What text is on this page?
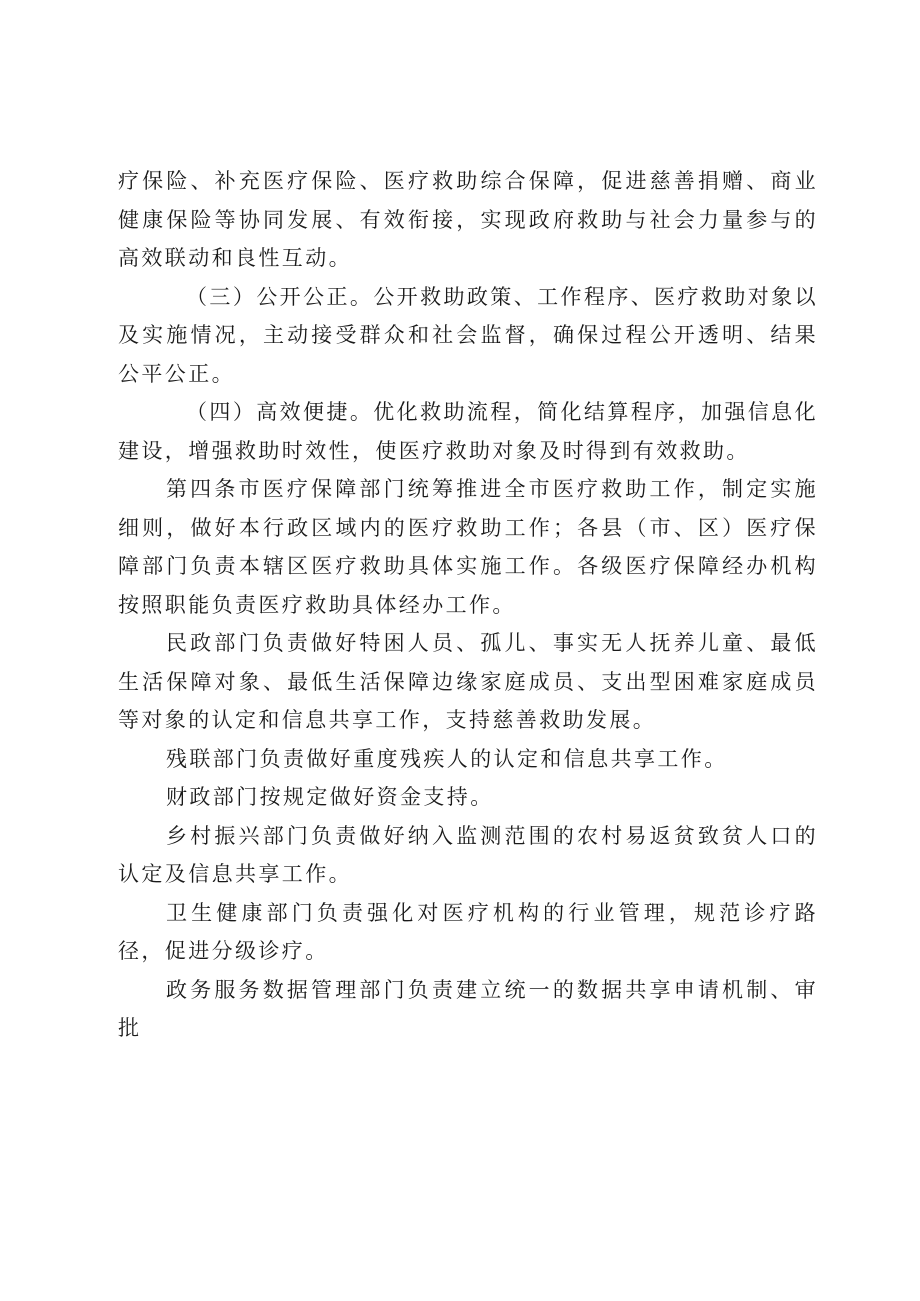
疗保险、补充医疗保险、医疗救助综合保障，促进慈善捐赠、商业健康保险等协同发展、有效衔接，实现政府救助与社会力量参与的高效联动和良性互动。

（三）公开公正。公开救助政策、工作程序、医疗救助对象以及实施情况，主动接受群众和社会监督，确保过程公开透明、结果公平公正。

（四）高效便捷。优化救助流程，简化结算程序，加强信息化建设，增强救助时效性，使医疗救助对象及时得到有效救助。

第四条市医疗保障部门统筹推进全市医疗救助工作，制定实施细则，做好本行政区域内的医疗救助工作；各县（市、区）医疗保障部门负责本辖区医疗救助具体实施工作。各级医疗保障经办机构按照职能负责医疗救助具体经办工作。

民政部门负责做好特困人员、孤儿、事实无人抚养儿童、最低生活保障对象、最低生活保障边缘家庭成员、支出型困难家庭成员等对象的认定和信息共享工作，支持慈善救助发展。

残联部门负责做好重度残疾人的认定和信息共享工作。

财政部门按规定做好资金支持。

乡村振兴部门负责做好纳入监测范围的农村易返贫致贫人口的认定及信息共享工作。

卫生健康部门负责强化对医疗机构的行业管理，规范诊疗路径，促进分级诊疗。

政务服务数据管理部门负责建立统一的数据共享申请机制、审批
